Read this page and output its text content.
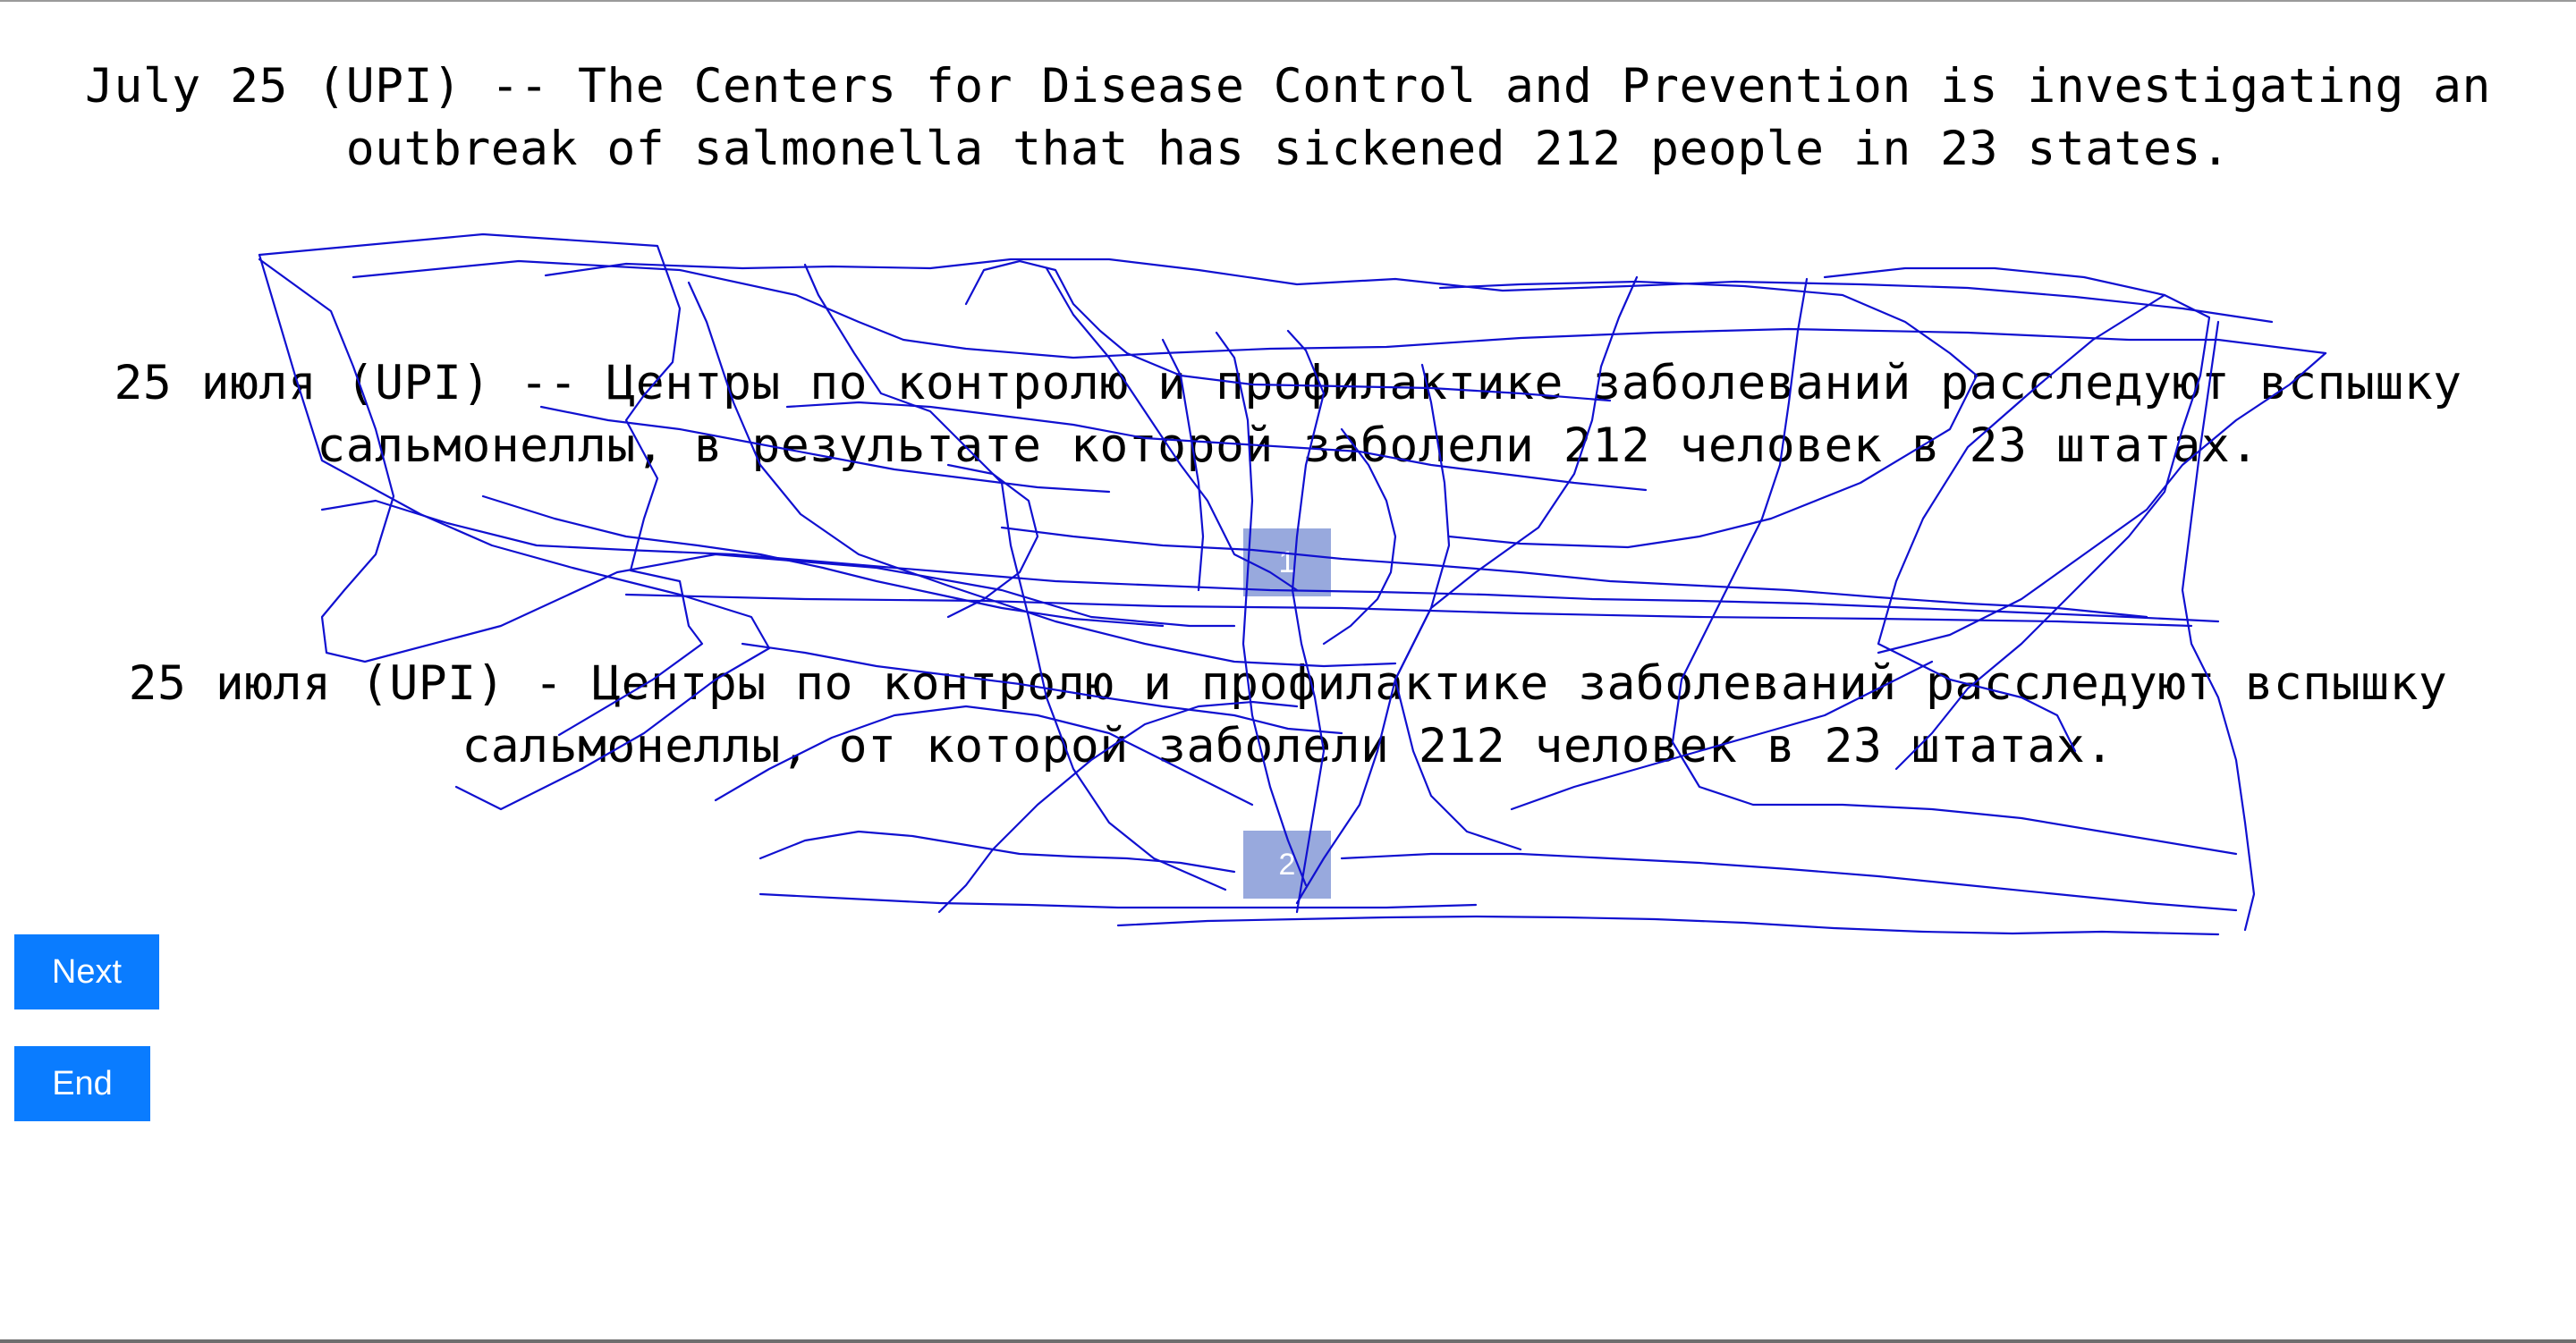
July 25 (UPI) -- The Centers for Disease Control and Prevention is investigating an outbreak of salmonella that has sickened 212 people in 23 states.
25 июля (UPI) -- Центры по контролю и профилактике заболеваний расследуют вспышку сальмонеллы, в результате которой заболели 212 человек в 23 штатах.
1
25 июля (UPI) - Центры по контролю и профилактике заболеваний расследуют вспышку сальмонеллы, от которой заболели 212 человек в 23 штатах.
2
Next
End
